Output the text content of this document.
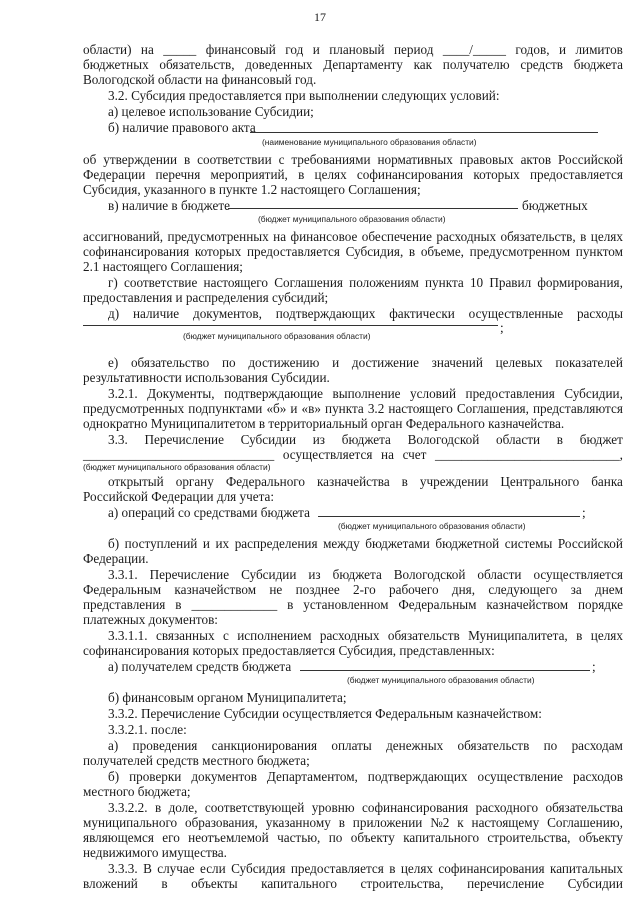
17
области) на _____ финансовый год и плановый период ____/_____ годов, и лимитов
бюджетных обязательств, доведенных Департаменту как получателю средств бюджета
Вологодской области на финансовый год.
3.2. Субсидия предоставляется при выполнении следующих условий:
а) целевое использование Субсидии;
б) наличие правового акта
об утверждении в соответствии с требованиями нормативных правовых актов Российской
Федерации перечня мероприятий, в целях софинансирования которых предоставляется
Субсидия, указанного в пункте 1.2 настоящего Соглашения;
в) наличие в бюджете
ассигнований, предусмотренных на финансовое обеспечение расходных обязательств, в целях
софинансирования которых предоставляется Субсидия, в объеме, предусмотренном пунктом
2.1 настоящего Соглашения;
г) соответствие настоящего Соглашения положениям пункта 10 Правил формирования,
предоставления и распределения субсидий;
д) наличие документов, подтверждающих фактически осуществленные расходы
е) обязательство по достижению и достижение значений целевых показателей
результативности использования Субсидии.
3.2.1. Документы, подтверждающие выполнение условий предоставления Субсидии,
предусмотренных подпунктами «б» и «в» пункта 3.2 настоящего Соглашения, представляются
однократно Муниципалитетом в территориальный орган Федерального казначейства.
3.3. Перечисление Субсидии из бюджета Вологодской области в бюджет
_____________________________ осуществляется на счет ____________________________,
открытый органу Федерального казначейства в учреждении Центрального банка
Российской Федерации для учета:
а) операций со средствами бюджета
б) поступлений и их распределения между бюджетами бюджетной системы Российской
Федерации.
3.3.1. Перечисление Субсидии из бюджета Вологодской области осуществляется
Федеральным казначейством не позднее 2-го рабочего дня, следующего за днем
представления в _____________ в установленном Федеральным казначейством порядке
платежных документов:
3.3.1.1. связанных с исполнением расходных обязательств Муниципалитета, в целях
софинансирования которых предоставляется Субсидия, представленных:
а) получателем средств бюджета
б) финансовым органом Муниципалитета;
3.3.2. Перечисление Субсидии осуществляется Федеральным казначейством:
3.3.2.1. после:
а) проведения санкционирования оплаты денежных обязательств по расходам
получателей средств местного бюджета;
б) проверки документов Департаментом, подтверждающих осуществление расходов
местного бюджета;
3.3.2.2. в доле, соответствующей уровню софинансирования расходного обязательства
муниципального образования, указанному в приложении №2 к настоящему Соглашению,
являющемся его неотъемлемой частью, по объекту капитального строительства, объекту
недвижимого имущества.
3.3.3. В случае если Субсидия предоставляется в целях софинансирования капитальных
вложений в объекты капитального строительства, перечисление Субсидии
(наименование муниципального образования области)
(бюджет муниципального образования области)
(бюджет муниципального образования области)
(бюджет муниципального образования области)
(бюджет муниципального образования области)
(бюджет муниципального образования области)
бюджетных
;
;
;
